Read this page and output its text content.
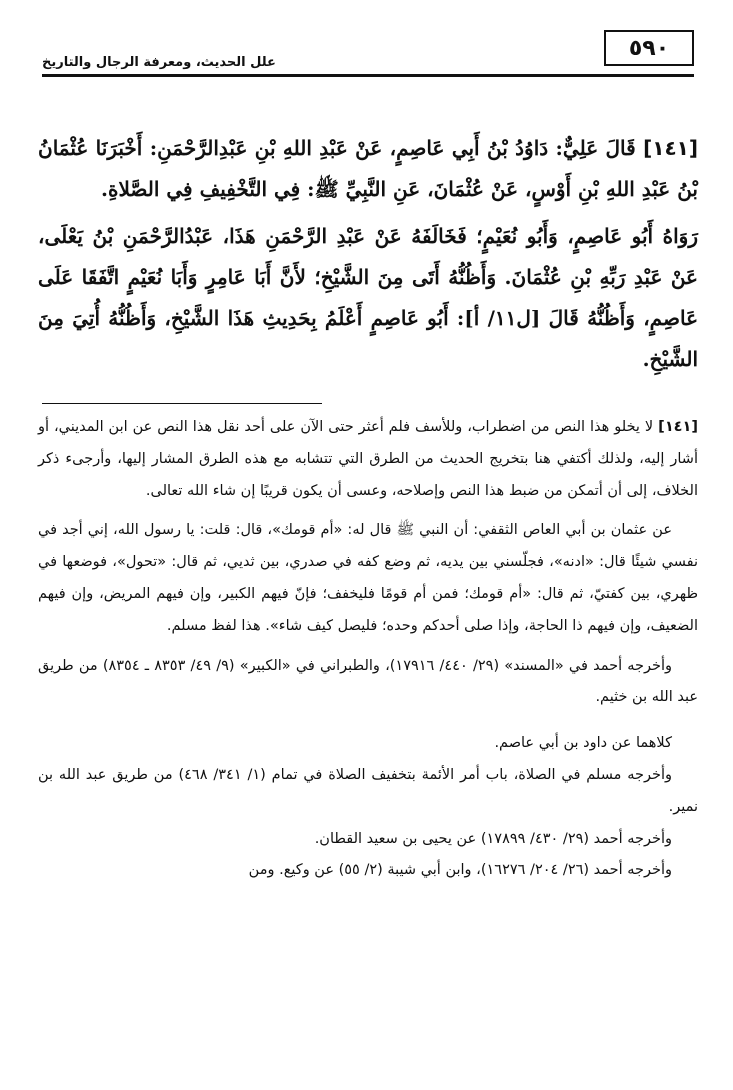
٥٩٠
علل الحديث، ومعرفة الرجال والتاريخ

[١٤١] قَالَ عَلِيٌّ: دَاوُدُ بْنُ أَبِي عَاصِمٍ، عَنْ عَبْدِ اللهِ بْنِ عَبْدِالرَّحْمَنِ: أَخْبَرَنَا عُثْمَانُ بْنُ عَبْدِ اللهِ بْنِ أَوْسٍ، عَنْ عُثْمَانَ، عَنِ النَّبِيِّ ﷺ: فِي التَّخْفِيفِ فِي الصَّلاةِ.

رَوَاهُ أَبُو عَاصِمٍ، وَأَبُو نُعَيْمٍ؛ فَخَالَفَهُ عَنْ عَبْدِ الرَّحْمَنِ هَذَا، عَبْدُالرَّحْمَنِ بْنُ يَعْلَى، عَنْ عَبْدِ رَبِّهِ بْنِ عُثْمَانَ. وَأَظُنُّهُ أَتَى مِنَ الشَّيْخِ؛ لأَنَّ أَبَا عَامِرٍ وَأَبَا نُعَيْمٍ اتَّفَقَا عَلَى عَاصِمٍ، وَأَظُنُّهُ قَالَ [ل١١/ أ]: أَبُو عَاصِمٍ أَعْلَمُ بِحَدِيثِ هَذَا الشَّيْخِ، وَأَظُنُّهُ أُتِيَ مِنَ الشَّيْخِ.

[١٤١] لا يخلو هذا النص من اضطراب، وللأسف فلم أعثر حتى الآن على أحد نقل هذا النص عن ابن المديني، أو أشار إليه، ولذلك أكتفي هنا بتخريج الحديث من الطرق التي تتشابه مع هذه الطرق المشار إليها، وأرجىء ذكر الخلاف، إلى أن أتمكن من ضبط هذا النص وإصلاحه، وعسى أن يكون قريبًا إن شاء الله تعالى.

عن عثمان بن أبي العاص الثقفي: أن النبي ﷺ قال له: «أم قومك»، قال: قلت: يا رسول الله، إني أجد في نفسي شيئًا قال: «ادنه»، فجلّسني بين يديه، ثم وضع كفه في صدري، بين ثديي، ثم قال: «تحول»، فوضعها في ظهري، بين كفتيّ، ثم قال: «أم قومك؛ فمن أم قومًا فليخفف؛ فإنّ فيهم الكبير، وإن فيهم المريض، وإن فيهم الضعيف، وإن فيهم ذا الحاجة، وإذا صلى أحدكم وحده؛ فليصل كيف شاء». هذا لفظ مسلم.

وأخرجه أحمد في «المسند» (٢٩/ ٤٤٠/ ١٧٩١٦)، والطبراني في «الكبير» (٩/ ٤٩/ ٨٣٥٣ ـ ٨٣٥٤) من طريق عبد الله بن خثيم.

كلاهما عن داود بن أبي عاصم.

وأخرجه مسلم في الصلاة، باب أمر الأئمة بتخفيف الصلاة في تمام (١/ ٣٤١/ ٤٦٨) من طريق عبد الله بن نمير.

وأخرجه أحمد (٢٩/ ٤٣٠/ ١٧٨٩٩) عن يحيى بن سعيد القطان.

وأخرجه أحمد (٢٦/ ٢٠٤/ ١٦٢٧٦)، وابن أبي شيبة (٢/ ٥٥) عن وكيع. ومن
